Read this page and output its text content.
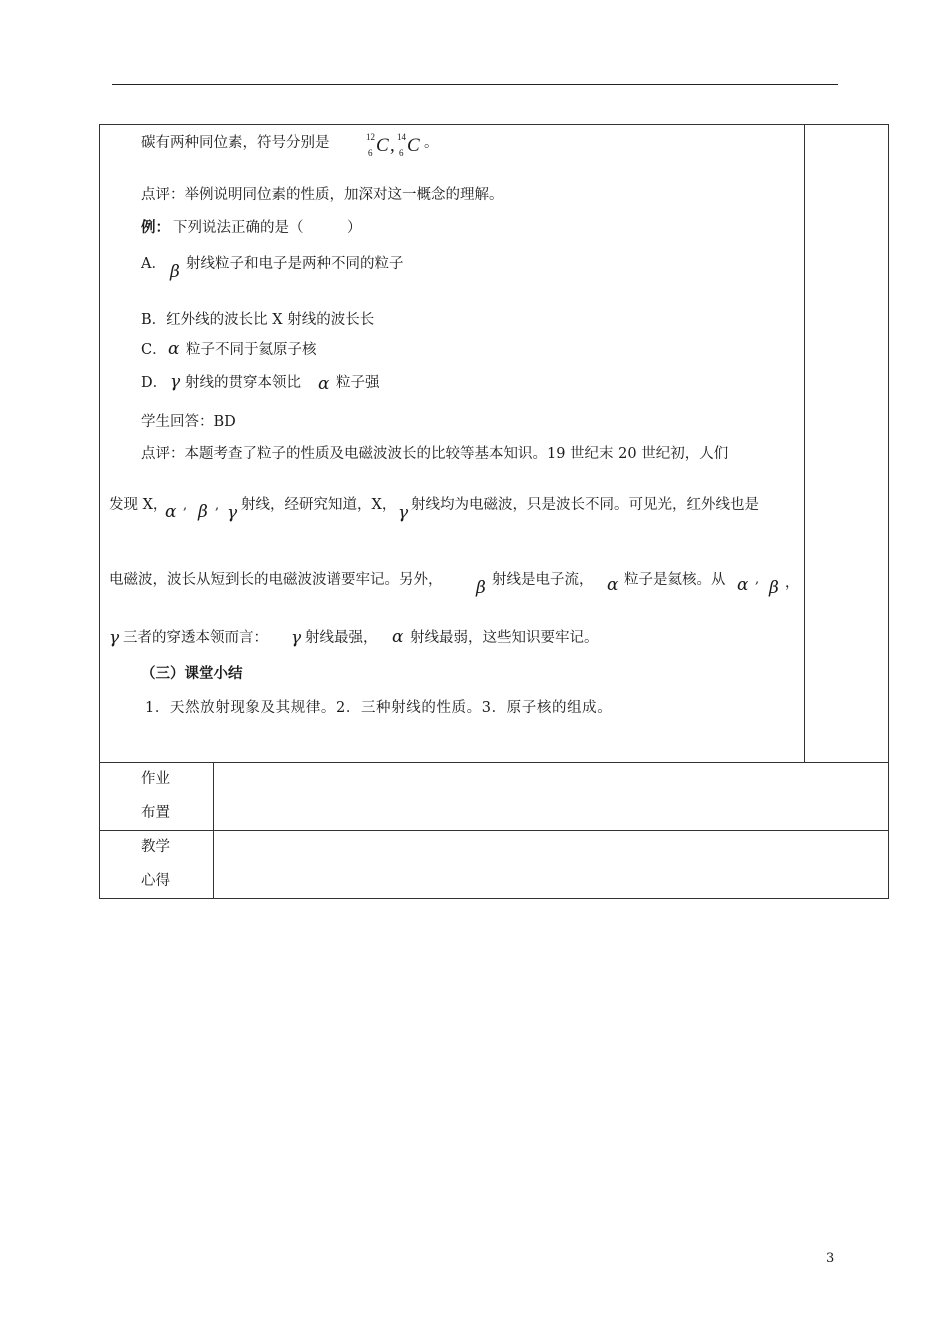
碳有两种同位素，符号分别是	12
6 C , 14
6 C 。
点评：举例说明同位素的性质，加深对这一概念的理解。
例： 下列说法正确的是（　　　）
A． β 射线粒子和电子是两种不同的粒子
B．红外线的波长比 X 射线的波长长
C． α 粒子不同于氦原子核
D． γ 射线的贯穿本领比 α 粒子强
学生回答：BD
点评：本题考查了粒子的性质及电磁波波长的比较等基本知识。19 世纪末 20 世纪初，人们
发现 X，
α , β , γ 射线，经研究知道，X， γ 射线均为电磁波，只是波长不同。可见光，红外线也是
电磁波，波长从短到长的电磁波波谱要牢记。另外， β 射线是电子流， α 粒子是氦核。从 α , β ，
γ 三者的穿透本领而言： γ 射线最强， α 射线最弱，这些知识要牢记。
（三）课堂小结
1．天然放射现象及其规律。2．三种射线的性质。3．原子核的组成。
作业
布置
教学
心得
3
